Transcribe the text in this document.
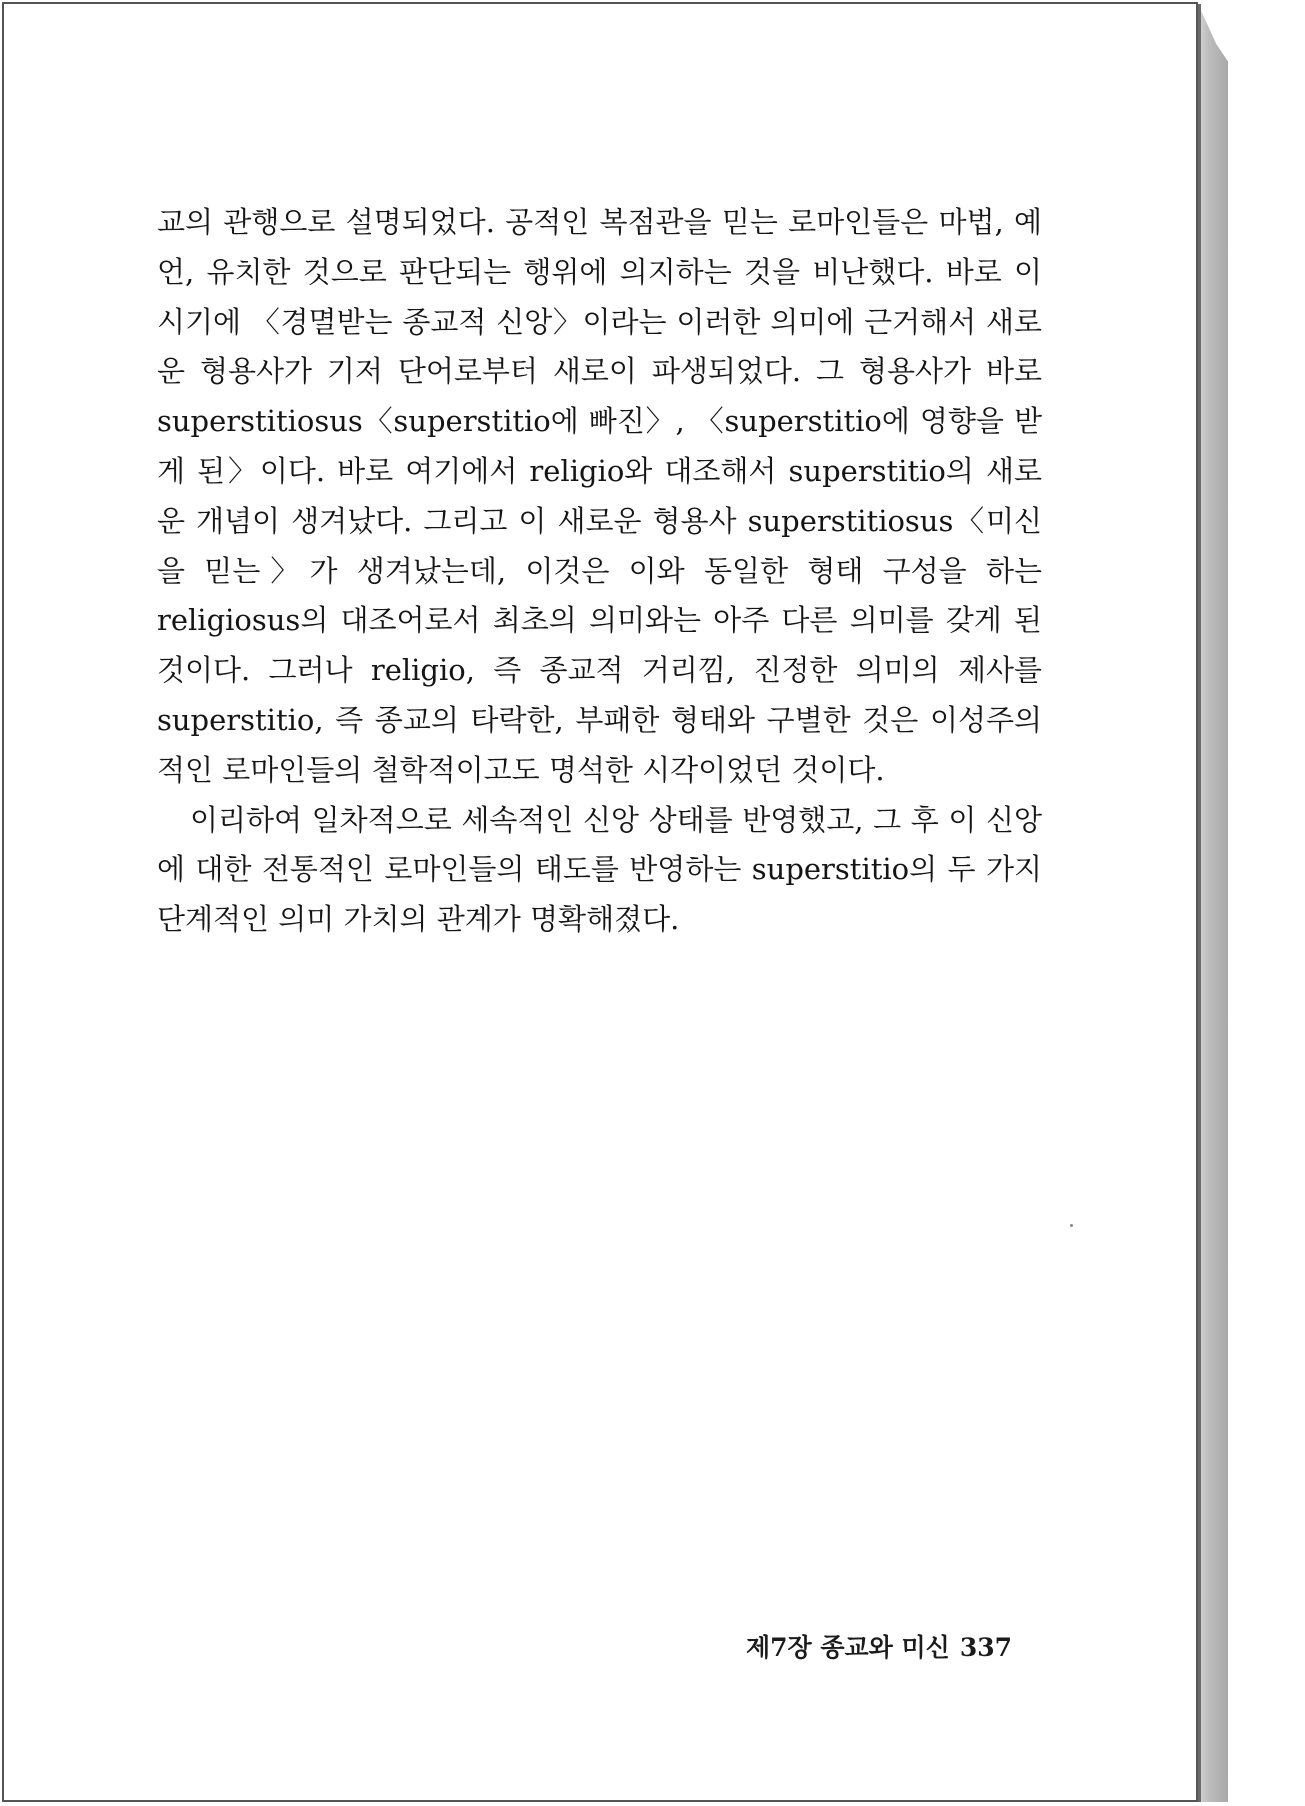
교의 관행으로 설명되었다. 공적인 복점관을 믿는 로마인들은 마법, 예언, 유치한 것으로 판단되는 행위에 의지하는 것을 비난했다. 바로 이 시기에 〈경멸받는 종교적 신앙〉이라는 이러한 의미에 근거해서 새로운 형용사가 기저 단어로부터 새로이 파생되었다. 그 형용사가 바로 superstitiosus〈superstitio에 빠진〉, 〈superstitio에 영향을 받게 된〉이다. 바로 여기에서 religio와 대조해서 superstitio의 새로운 개념이 생겨났다. 그리고 이 새로운 형용사 superstitiosus〈미신을 믿는〉가 생겨났는데, 이것은 이와 동일한 형태 구성을 하는 religiosus의 대조어로서 최초의 의미와는 아주 다른 의미를 갖게 된 것이다. 그러나 religio, 즉 종교적 거리낌, 진정한 의미의 제사를 superstitio, 즉 종교의 타락한, 부패한 형태와 구별한 것은 이성주의적인 로마인들의 철학적이고도 명석한 시각이었던 것이다.

이리하여 일차적으로 세속적인 신앙 상태를 반영했고, 그 후 이 신앙에 대한 전통적인 로마인들의 태도를 반영하는 superstitio의 두 가지 단계적인 의미 가치의 관계가 명확해졌다.

제7장 종교와 미신 337
